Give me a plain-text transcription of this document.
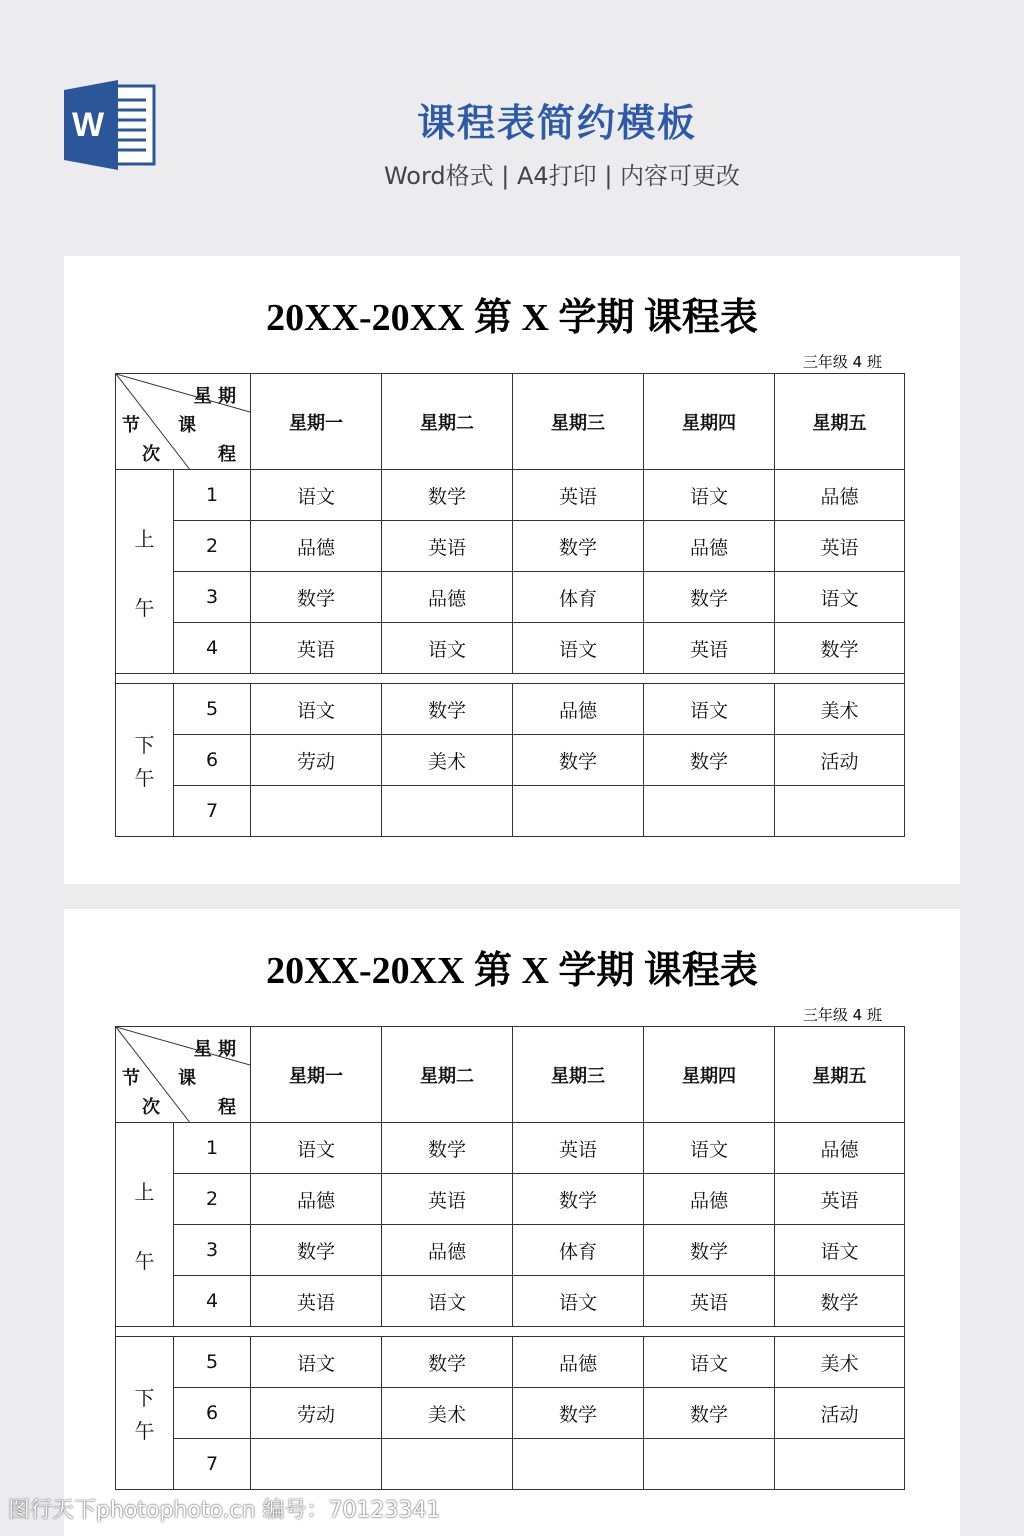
W	课程表简约模板
Word格式 | A4打印 | 内容可更改
20XX-20XX 第 X 学期 课程表
三年级 4 班
星 期
节 课
次 程		星期一	星期二	星期三	星期四	星期五

上
午	1	语文	数学	英语	语文	品德
	2	品德	英语	数学	品德	英语
	3	数学	品德	体育	数学	语文
	4	英语	语文	语文	英语	数学

下
午	5	语文	数学	品德	语文	美术
	6	劳动	美术	数学	数学	活动
	7					
20XX-20XX 第 X 学期 课程表
三年级 4 班
星 期
节 课
次 程		星期一	星期二	星期三	星期四	星期五

上
午	1	语文	数学	英语	语文	品德
	2	品德	英语	数学	品德	英语
	3	数学	品德	体育	数学	语文
	4	英语	语文	语文	英语	数学

下
午	5	语文	数学	品德	语文	美术
	6	劳动	美术	数学	数学	活动
	7					
图行天下photophoto.cn 编号：70123341
